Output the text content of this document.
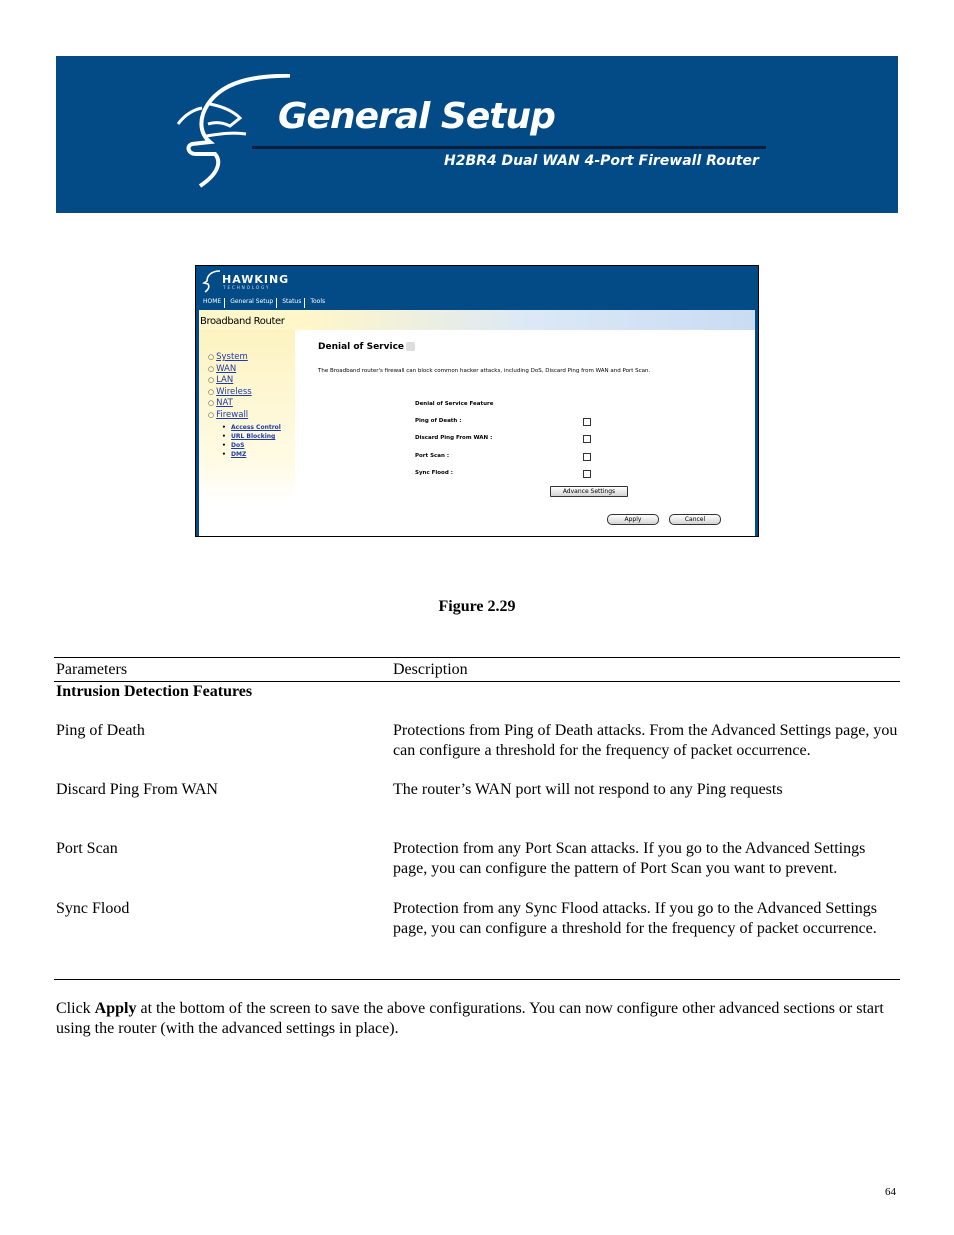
General Setup
H2BR4 Dual WAN 4-Port Firewall Router
HAWKING
TECHNOLOGY
HOME	General Setup	Status	Tools
Broadband Router
○ System
○ WAN
○ LAN
○ Wireless
○ NAT
○ Firewall
• Access Control
• URL Blocking
• DoS
• DMZ
Denial of Service
The Broadband router's firewall can block common hacker attacks, including DoS, Discard Ping from WAN and Port Scan.
Denial of Service Feature
Ping of Death :
Discard Ping From WAN :
Port Scan :
Sync Flood :
Advance Settings
Apply	Cancel
Figure 2.29
Parameters	Description
Intrusion Detection Features
Ping of Death	Protections from Ping of Death attacks. From the Advanced Settings page, you can configure a threshold for the frequency of packet occurrence.
Discard Ping From WAN	The router’s WAN port will not respond to any Ping requests
Port Scan	Protection from any Port Scan attacks. If you go to the Advanced Settings page, you can configure the pattern of Port Scan you want to prevent.
Sync Flood	Protection from any Sync Flood attacks. If you go to the Advanced Settings page, you can configure a threshold for the frequency of packet occurrence.
Click Apply at the bottom of the screen to save the above configurations. You can now configure other advanced sections or start using the router (with the advanced settings in place).
64
